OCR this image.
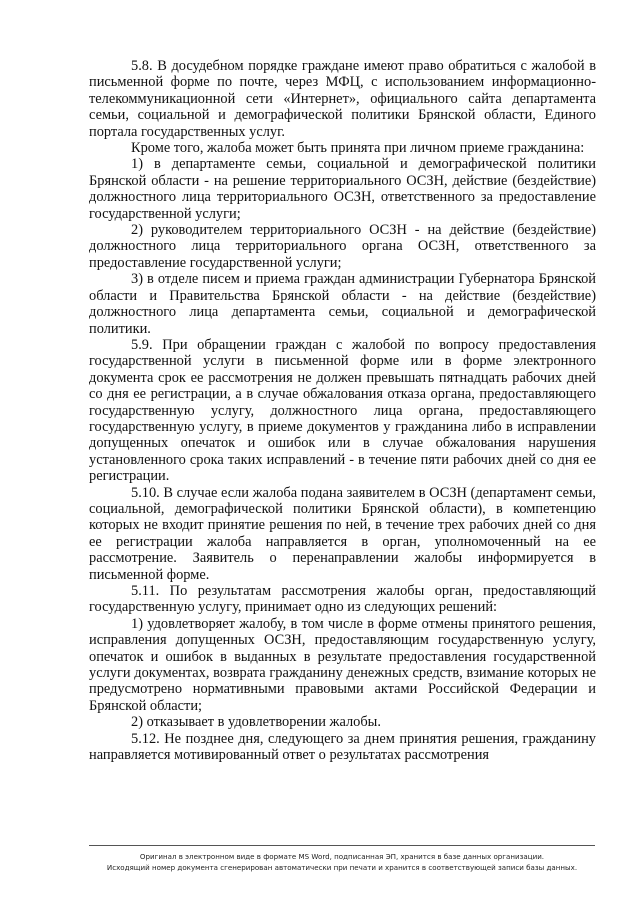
5.8. В досудебном порядке граждане имеют право обратиться с жалобой в письменной форме по почте, через МФЦ, с использованием информационно-телекоммуникационной сети «Интернет», официального сайта департамента семьи, социальной и демографической политики Брянской области, Единого портала государственных услуг.

Кроме того, жалоба может быть принята при личном приеме гражданина:

1) в департаменте семьи, социальной и демографической политики Брянской области - на решение территориального ОСЗН, действие (бездействие) должностного лица территориального ОСЗН, ответственного за предоставление государственной услуги;

2) руководителем территориального ОСЗН - на действие (бездействие) должностного лица территориального органа ОСЗН, ответственного за предоставление государственной услуги;

3) в отделе писем и приема граждан администрации Губернатора Брянской области и Правительства Брянской области - на действие (бездействие) должностного лица департамента семьи, социальной и демографической политики.

5.9. При обращении граждан с жалобой по вопросу предоставления государственной услуги в письменной форме или в форме электронного документа срок ее рассмотрения не должен превышать пятнадцать рабочих дней со дня ее регистрации, а в случае обжалования отказа органа, предоставляющего государственную услугу, должностного лица органа, предоставляющего государственную услугу, в приеме документов у гражданина либо в исправлении допущенных опечаток и ошибок или в случае обжалования нарушения установленного срока таких исправлений - в течение пяти рабочих дней со дня ее регистрации.

5.10. В случае если жалоба подана заявителем в ОСЗН (департамент семьи, социальной, демографической политики Брянской области), в компетенцию которых не входит принятие решения по ней, в течение трех рабочих дней со дня ее регистрации жалоба направляется в орган, уполномоченный на ее рассмотрение. Заявитель о перенаправлении жалобы информируется в письменной форме.

5.11. По результатам рассмотрения жалобы орган, предоставляющий государственную услугу, принимает одно из следующих решений:

1) удовлетворяет жалобу, в том числе в форме отмены принятого решения, исправления допущенных ОСЗН, предоставляющим государственную услугу, опечаток и ошибок в выданных в результате предоставления государственной услуги документах, возврата гражданину денежных средств, взимание которых не предусмотрено нормативными правовыми актами Российской Федерации и Брянской области;

2) отказывает в удовлетворении жалобы.

5.12. Не позднее дня, следующего за днем принятия решения, гражданину направляется мотивированный ответ о результатах рассмотрения

Оригинал в электронном виде в формате MS Word, подписанная ЭП, хранится в базе данных организации.
Исходящий номер документа сгенерирован автоматически при печати и хранится в соответствующей записи базы данных.
